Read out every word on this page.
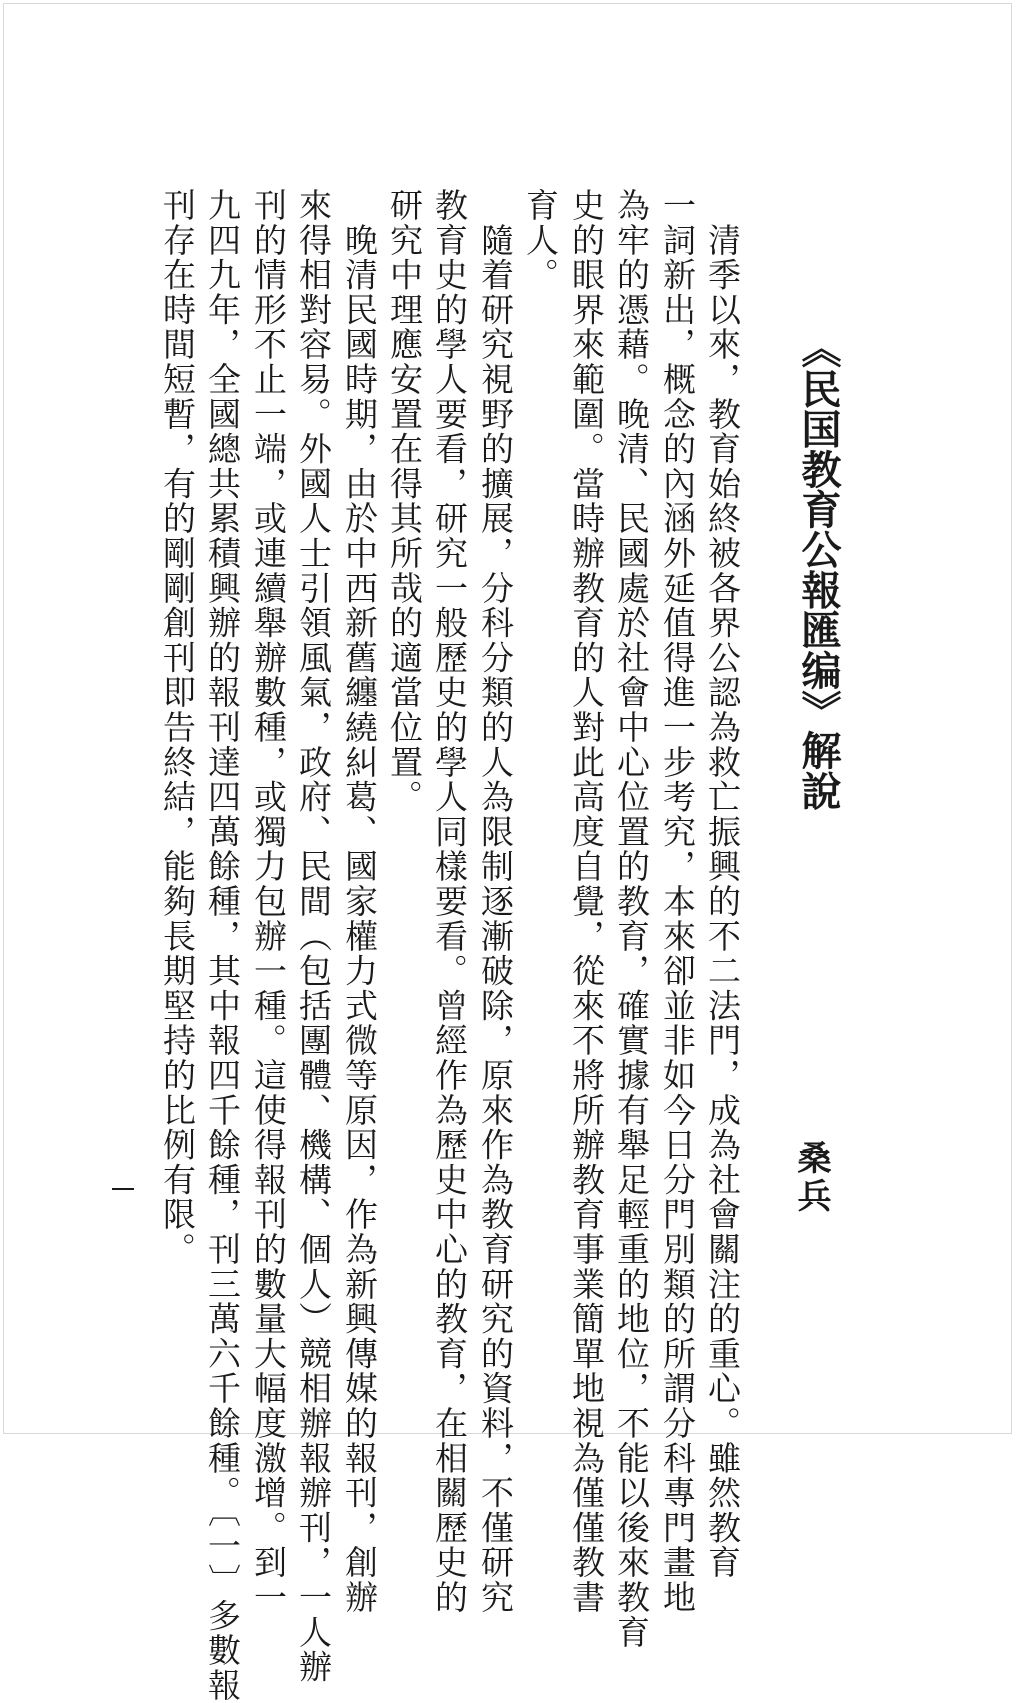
《民国教育公報匯编》解說
桑兵
　清季以來，教育始終被各界公認為救亡振興的不二法門，成為社會關注的重心。雖然教育
一詞新出，概念的內涵外延值得進一步考究，本來卻並非如今日分門別類的所謂分科專門畫地
為牢的憑藉。晚清、民國處於社會中心位置的教育，確實據有舉足輕重的地位，不能以後來教育
史的眼界來範圍。當時辦教育的人對此高度自覺，從來不將所辦教育事業簡單地視為僅僅教書
育人。
　隨着研究視野的擴展，分科分類的人為限制逐漸破除，原來作為教育研究的資料，不僅研究
教育史的學人要看，研究一般歷史的學人同樣要看。曾經作為歷史中心的教育，在相關歷史的
研究中理應安置在得其所哉的適當位置。
　晚清民國時期，由於中西新舊纏繞糾葛、國家權力式微等原因，作為新興傳媒的報刊，創辦
來得相對容易。外國人士引領風氣，政府、民間（包括團體、機構、個人）競相辦報辦刊，一人辦
刊的情形不止一端，或連續舉辦數種，或獨力包辦一種。這使得報刊的數量大幅度激增。到一
九四九年，全國總共累積興辦的報刊達四萬餘種，其中報四千餘種，刊三萬六千餘種。〔一〕多數報
刊存在時間短暫，有的剛剛創刊即告終結，能夠長期堅持的比例有限。
